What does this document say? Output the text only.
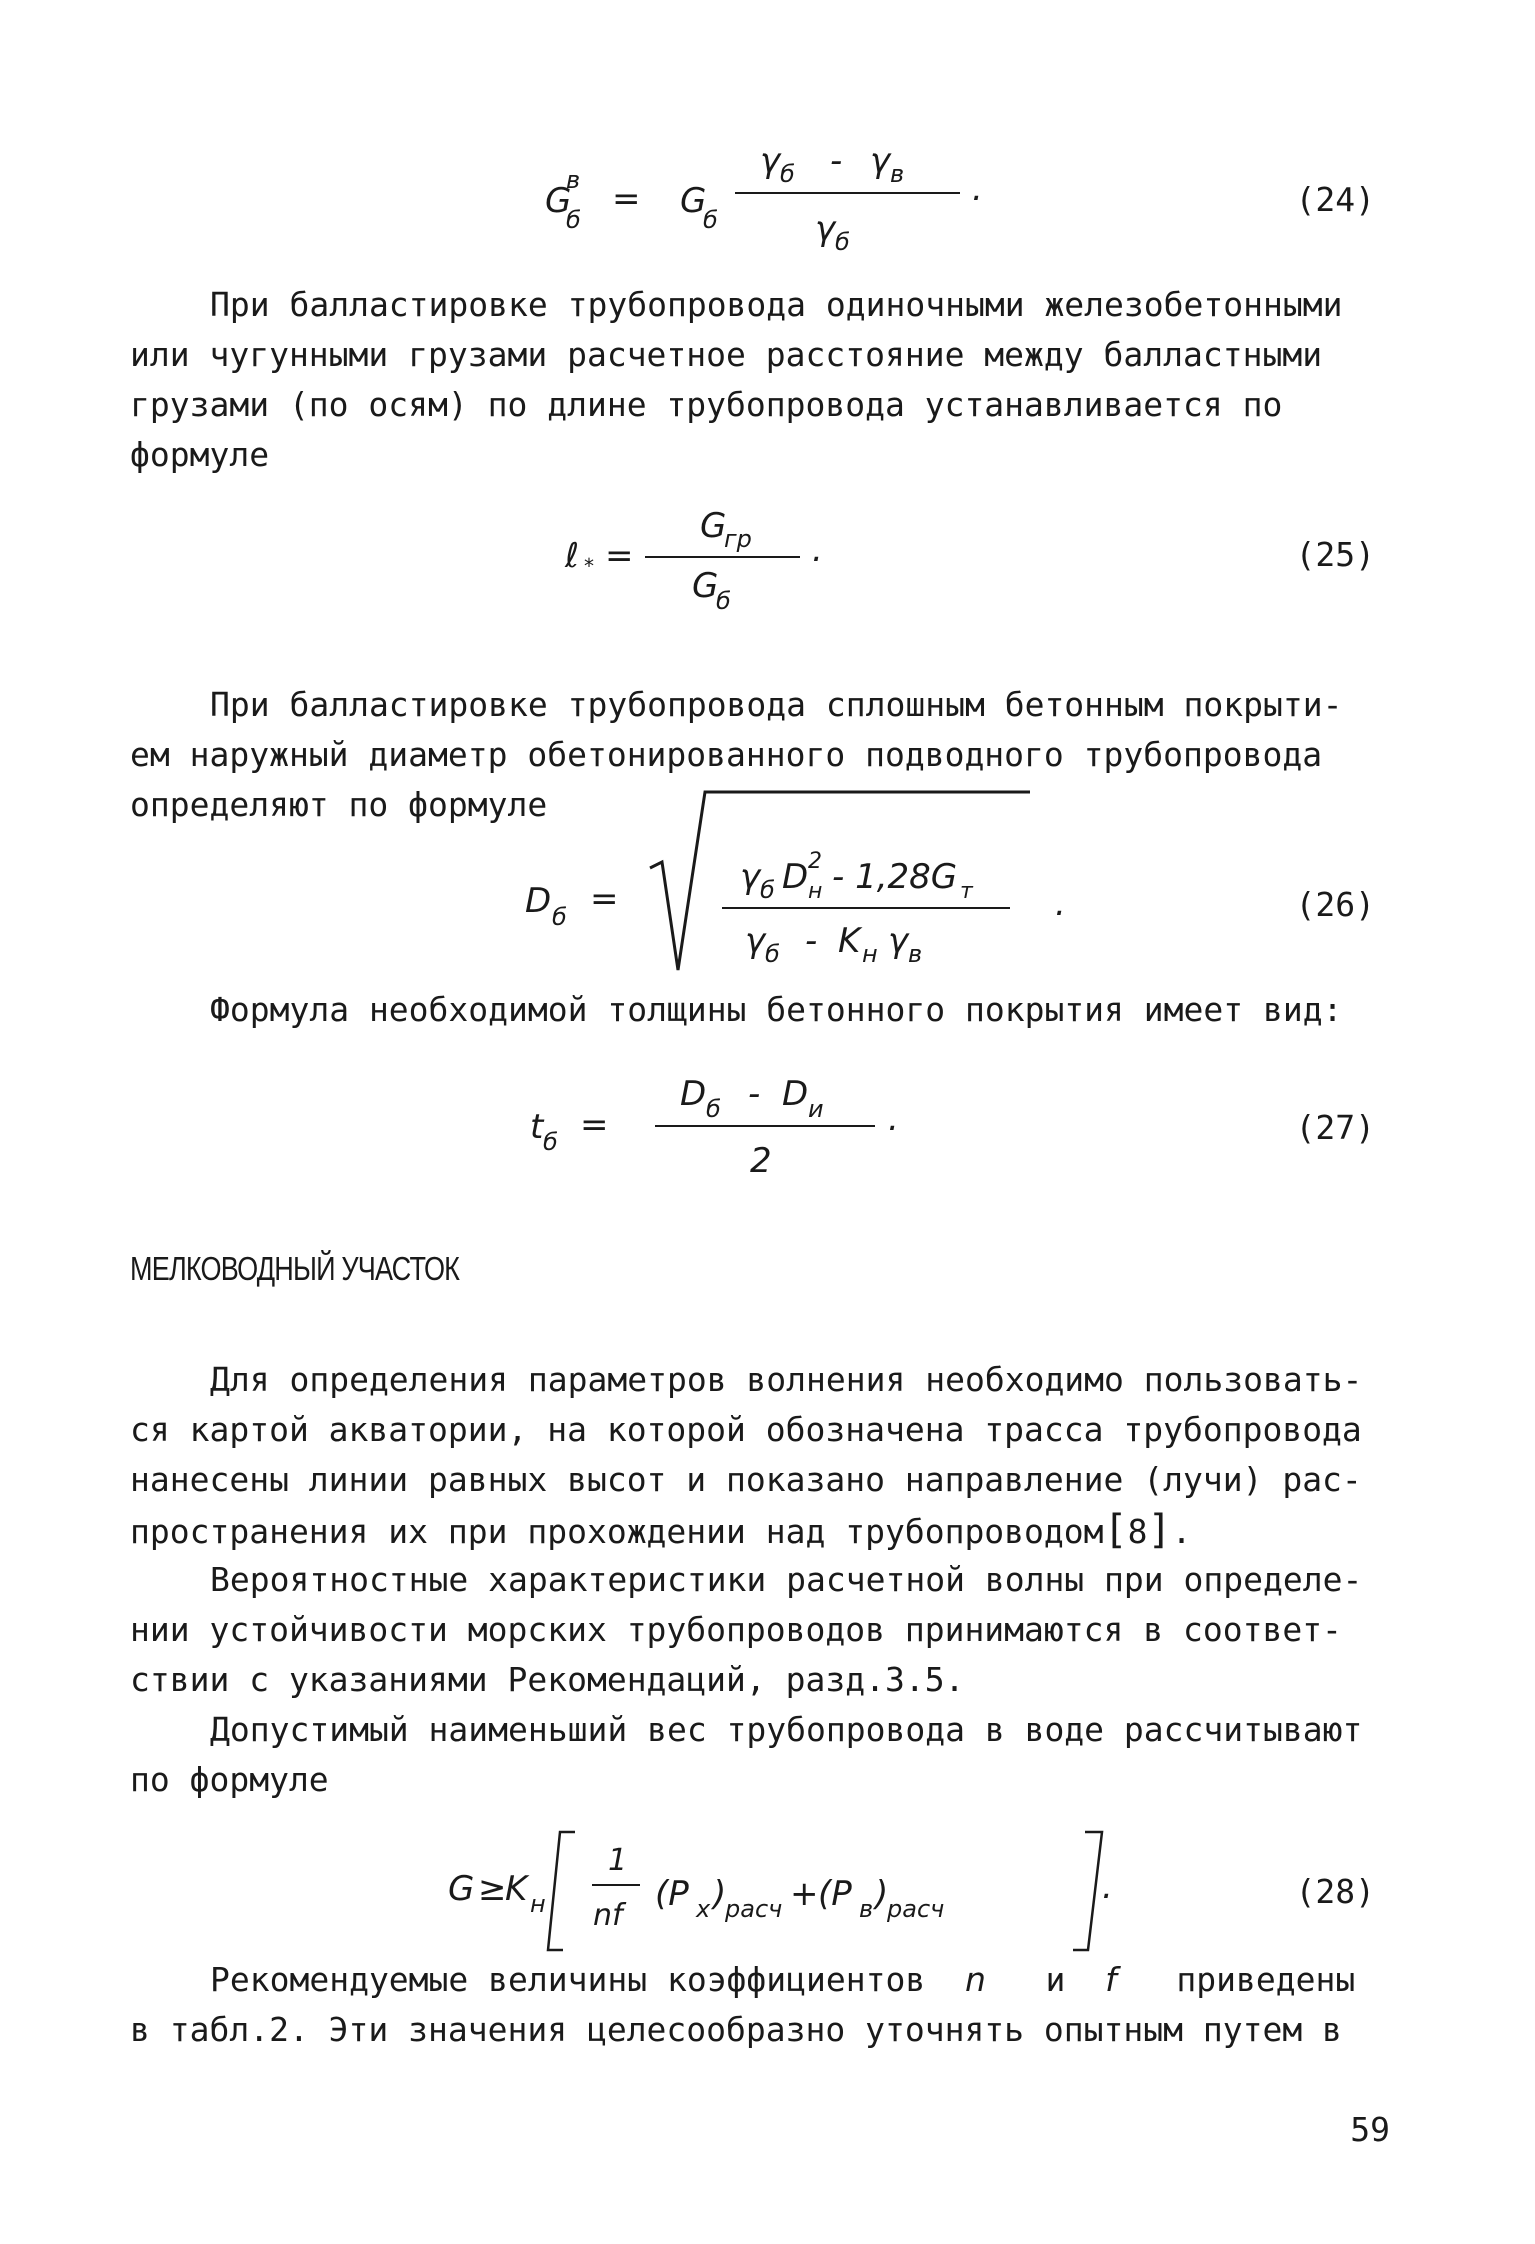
G
в
б
= G
б
γ б - γ в
γ б
.	(24)
При балластировке трубопровода одиночными железобетонными
или чугунными грузами расчетное расстояние между балластными
грузами (по осям) по длине трубопровода устанавливается по
формуле
ℓ * =
G
гр
G
б
.	(25)
При балластировке трубопровода сплошным бетонным покрыти-
ем наружный диаметр обетонированного подводного трубопровода
определяют по формуле
D б =
γ б D 2
н - 1,28G т
γ б - K н γ в
.	(26)
Формула необходимой толщины бетонного покрытия имеет вид:
t б =
D б - D и
2
.	(27)
МЕЛКОВОДНЫЙ УЧАСТОК
Для определения параметров волнения необходимо пользовать-
ся картой акватории, на которой обозначена трасса трубопровода
нанесены линии равных высот и показано направление (лучи) рас-
пространения их при прохождении над трубопроводом[8].
Вероятностные характеристики расчетной волны при определе-
нии устойчивости морских трубопроводов принимаются в соответ-
ствии с указаниями Рекомендаций, разд.3.5.
Допустимый наименьший вес трубопровода в воде рассчитывают
по формуле
G ≥
K н
1
nf
(P x )
расч + (P в )
расч
.	(28)
Рекомендуемые величины коэффициентов n и f приведены
в табл.2. Эти значения целесообразно уточнять опытным путем в
59
